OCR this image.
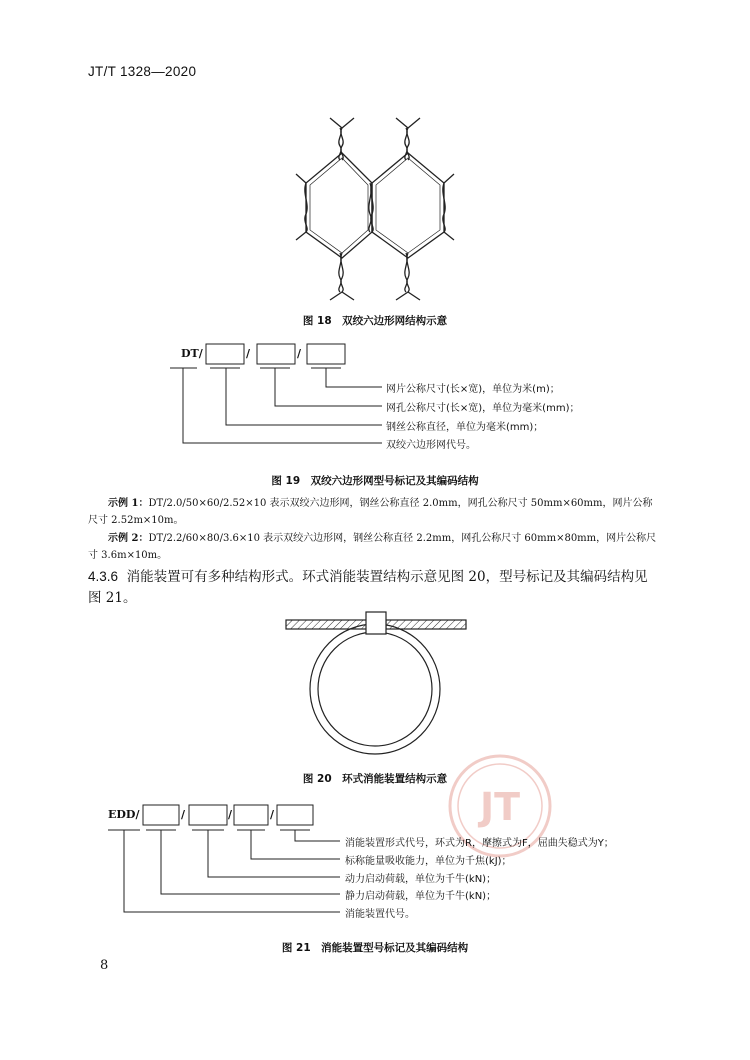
JT/T 1328—2020
图 18　双绞六边形网结构示意
DT/	/	/
网片公称尺寸(长×宽)，单位为米(m)；
网孔公称尺寸(长×宽)，单位为毫米(mm)；
钢丝公称直径，单位为毫米(mm)；
双绞六边形网代号。
图 19　双绞六边形网型号标记及其编码结构
示例 1：DT/2.0/50×60/2.52×10 表示双绞六边形网，钢丝公称直径 2.0mm，网孔公称尺寸 50mm×60mm，网片公称尺寸 2.52m×10m。
示例 2：DT/2.2/60×80/3.6×10 表示双绞六边形网，钢丝公称直径 2.2mm，网孔公称尺寸 60mm×80mm，网片公称尺寸 3.6m×10m。
4.3.6 消能装置可有多种结构形式。环式消能装置结构示意见图 20，型号标记及其编码结构见图 21。
图 20　环式消能装置结构示意
JT
EDD/	/	/	/
消能装置形式代号，环式为R，摩擦式为F，屈曲失稳式为Y；
标称能量吸收能力，单位为千焦(kJ)；
动力启动荷载，单位为千牛(kN)；
静力启动荷载，单位为千牛(kN)；
消能装置代号。
图 21　消能装置型号标记及其编码结构
8
